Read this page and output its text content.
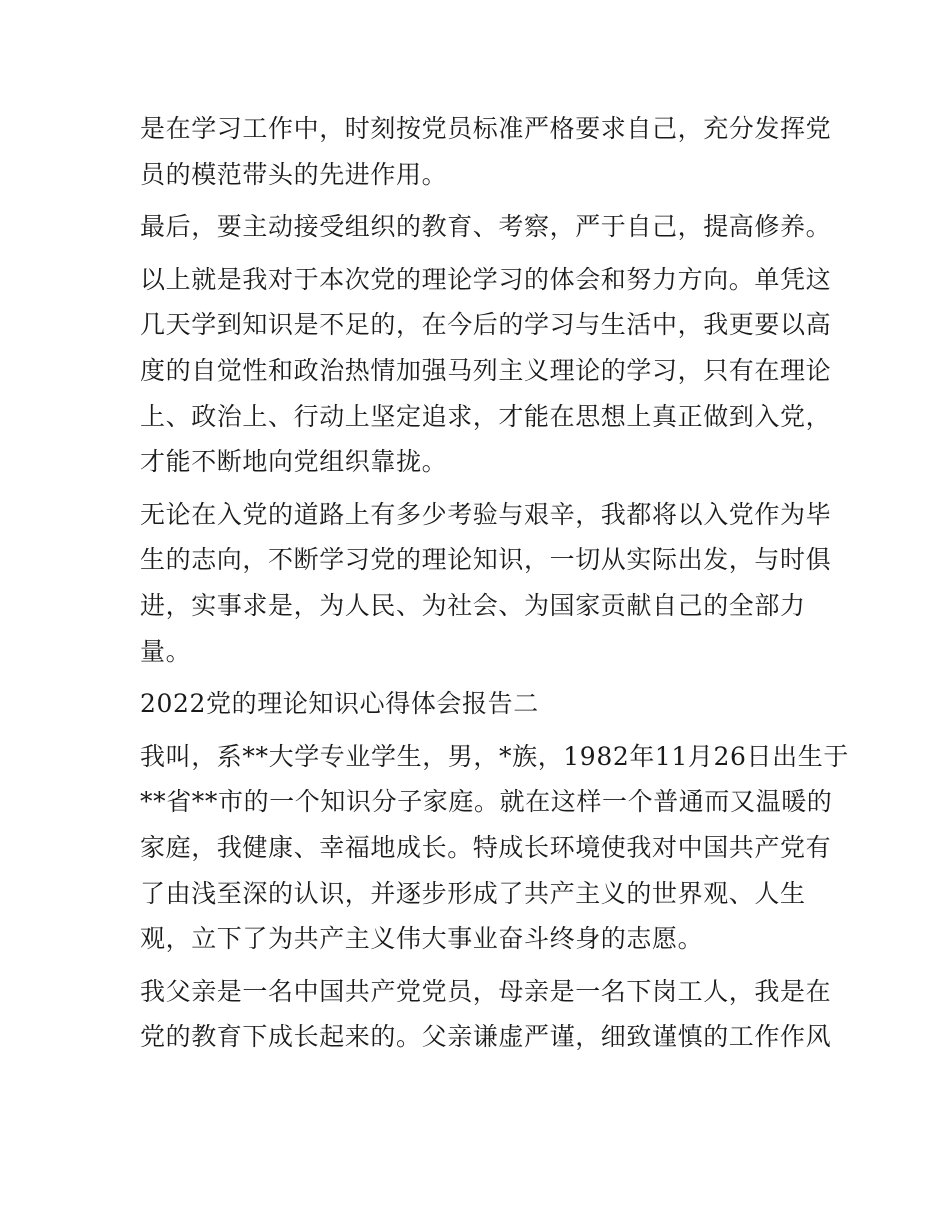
是在学习工作中，时刻按党员标准严格要求自己，充分发挥党
员的模范带头的先进作用。
最后，要主动接受组织的教育、考察，严于自己，提高修养。
以上就是我对于本次党的理论学习的体会和努力方向。单凭这
几天学到知识是不足的，在今后的学习与生活中，我更要以高
度的自觉性和政治热情加强马列主义理论的学习，只有在理论
上、政治上、行动上坚定追求，才能在思想上真正做到入党，
才能不断地向党组织靠拢。
无论在入党的道路上有多少考验与艰辛，我都将以入党作为毕
生的志向，不断学习党的理论知识，一切从实际出发，与时俱
进，实事求是，为人民、为社会、为国家贡献自己的全部力
量。
2022党的理论知识心得体会报告二
我叫，系**大学专业学生，男，*族，1982年11月26日出生于
**省**市的一个知识分子家庭。就在这样一个普通而又温暖的
家庭，我健康、幸福地成长。特成长环境使我对中国共产党有
了由浅至深的认识，并逐步形成了共产主义的世界观、人生
观，立下了为共产主义伟大事业奋斗终身的志愿。
我父亲是一名中国共产党党员，母亲是一名下岗工人，我是在
党的教育下成长起来的。父亲谦虚严谨，细致谨慎的工作作风
